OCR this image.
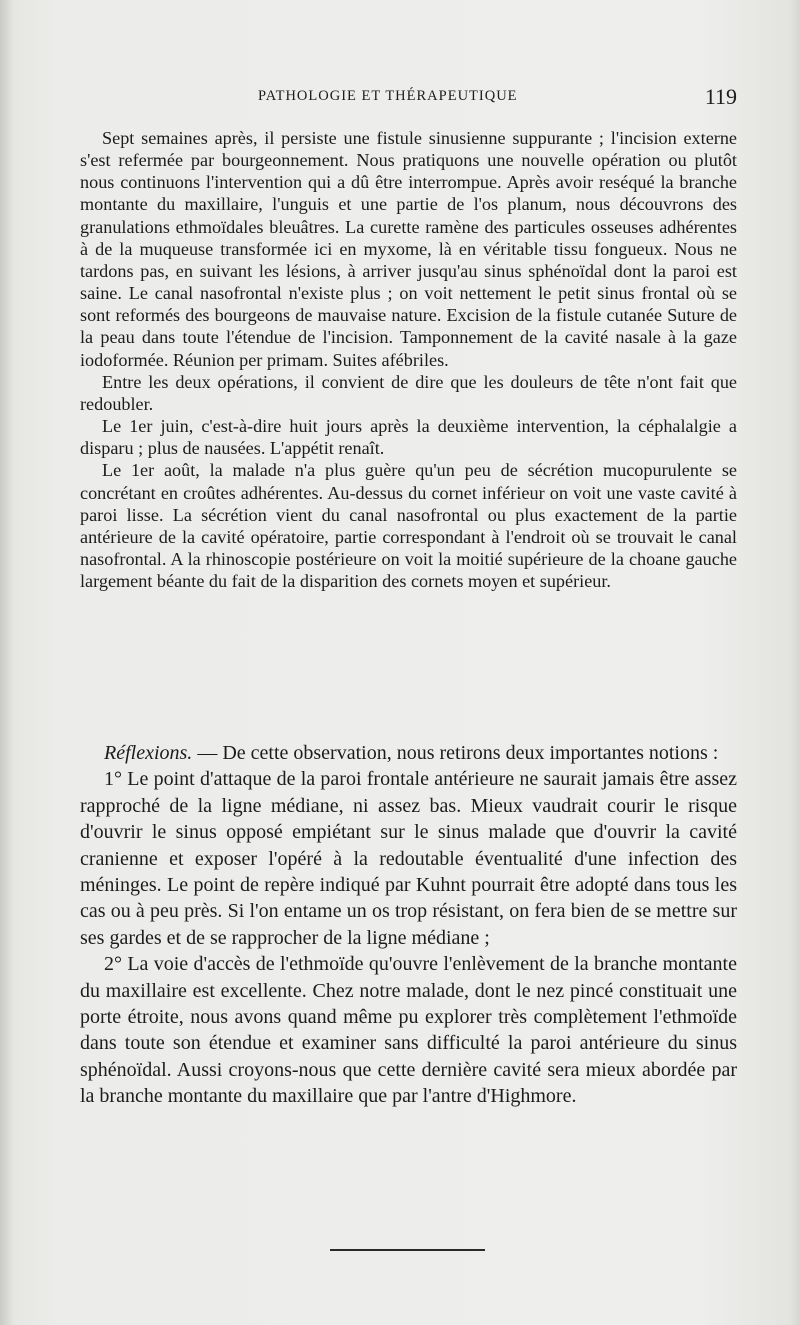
PATHOLOGIE ET THÉRAPEUTIQUE	119

Sept semaines après, il persiste une fistule sinusienne suppurante ; l'incision externe s'est refermée par bourgeonnement. Nous pratiquons une nouvelle opération ou plutôt nous continuons l'intervention qui a dû être interrompue. Après avoir reséqué la branche montante du maxillaire, l'unguis et une partie de l'os planum, nous découvrons des granulations ethmoïdales bleuâtres. La curette ramène des particules osseuses adhérentes à de la muqueuse transformée ici en myxome, là en véritable tissu fongueux. Nous ne tardons pas, en suivant les lésions, à arriver jusqu'au sinus sphénoïdal dont la paroi est saine. Le canal nasofrontal n'existe plus ; on voit nettement le petit sinus frontal où se sont reformés des bourgeons de mauvaise nature. Excision de la fistule cutanée Suture de la peau dans toute l'étendue de l'incision. Tamponnement de la cavité nasale à la gaze iodoformée. Réunion per primam. Suites afébriles.

Entre les deux opérations, il convient de dire que les douleurs de tête n'ont fait que redoubler.

Le 1er juin, c'est-à-dire huit jours après la deuxième intervention, la céphalalgie a disparu ; plus de nausées. L'appétit renaît.

Le 1er août, la malade n'a plus guère qu'un peu de sécrétion mucopurulente se concrétant en croûtes adhérentes. Au-dessus du cornet inférieur on voit une vaste cavité à paroi lisse. La sécrétion vient du canal nasofrontal ou plus exactement de la partie antérieure de la cavité opératoire, partie correspondant à l'endroit où se trouvait le canal nasofrontal. A la rhinoscopie postérieure on voit la moitié supérieure de la choane gauche largement béante du fait de la disparition des cornets moyen et supérieur.

Réflexions. — De cette observation, nous retirons deux importantes notions :

1° Le point d'attaque de la paroi frontale antérieure ne saurait jamais être assez rapproché de la ligne médiane, ni assez bas. Mieux vaudrait courir le risque d'ouvrir le sinus opposé empiétant sur le sinus malade que d'ouvrir la cavité cranienne et exposer l'opéré à la redoutable éventualité d'une infection des méninges. Le point de repère indiqué par Kuhnt pourrait être adopté dans tous les cas ou à peu près. Si l'on entame un os trop résistant, on fera bien de se mettre sur ses gardes et de se rapprocher de la ligne médiane ;

2° La voie d'accès de l'ethmoïde qu'ouvre l'enlèvement de la branche montante du maxillaire est excellente. Chez notre malade, dont le nez pincé constituait une porte étroite, nous avons quand même pu explorer très complètement l'ethmoïde dans toute son étendue et examiner sans difficulté la paroi antérieure du sinus sphénoïdal. Aussi croyons-nous que cette dernière cavité sera mieux abordée par la branche montante du maxillaire que par l'antre d'Highmore.
